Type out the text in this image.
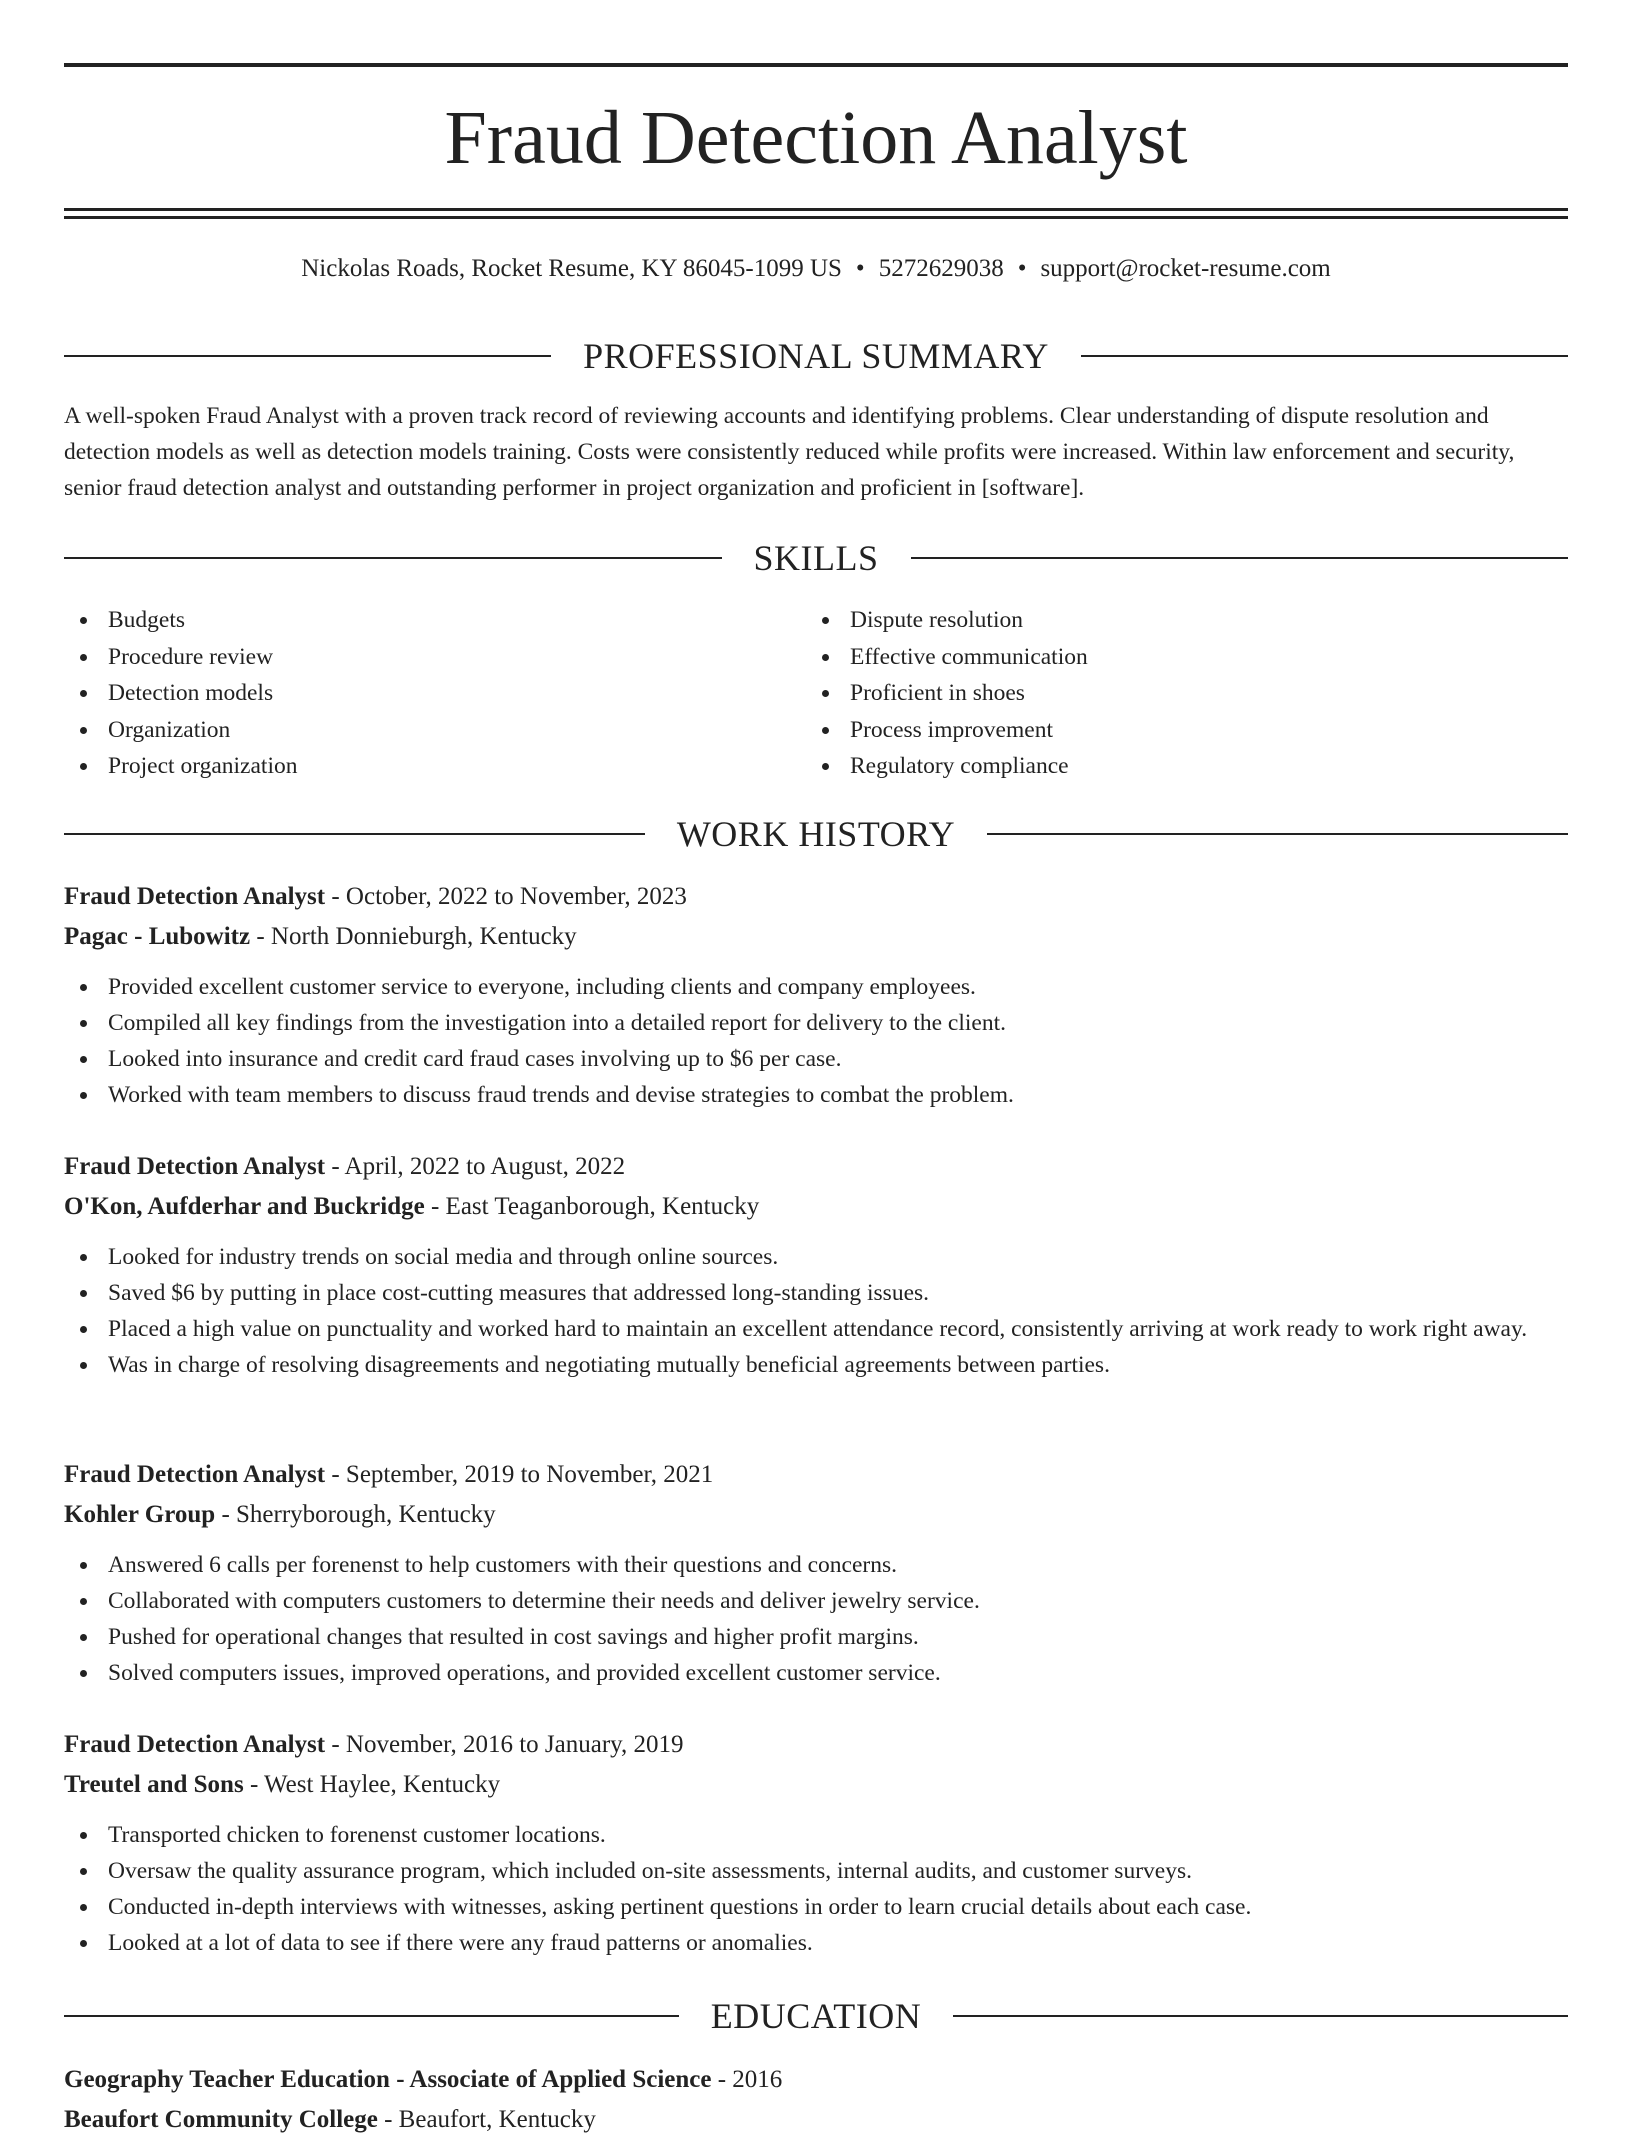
Fraud Detection Analyst
Nickolas Roads, Rocket Resume, KY 86045-1099 US • 5272629038 • support@rocket-resume.com
PROFESSIONAL SUMMARY

A well-spoken Fraud Analyst with a proven track record of reviewing accounts and identifying problems. Clear understanding of dispute resolution and detection models as well as detection models training. Costs were consistently reduced while profits were increased. Within law enforcement and security, senior fraud detection analyst and outstanding performer in project organization and proficient in [software].

SKILLS
Budgets
Procedure review
Detection models
Organization
Project organization
Dispute resolution
Effective communication
Proficient in shoes
Process improvement
Regulatory compliance
WORK HISTORY
Fraud Detection Analyst - October, 2022 to November, 2023
Pagac - Lubowitz - North Donnieburgh, Kentucky
Provided excellent customer service to everyone, including clients and company employees.
Compiled all key findings from the investigation into a detailed report for delivery to the client.
Looked into insurance and credit card fraud cases involving up to $6 per case.
Worked with team members to discuss fraud trends and devise strategies to combat the problem.
Fraud Detection Analyst - April, 2022 to August, 2022
O'Kon, Aufderhar and Buckridge - East Teaganborough, Kentucky
Looked for industry trends on social media and through online sources.
Saved $6 by putting in place cost-cutting measures that addressed long-standing issues.
Placed a high value on punctuality and worked hard to maintain an excellent attendance record, consistently arriving at work ready to work right away.
Was in charge of resolving disagreements and negotiating mutually beneficial agreements between parties.
Fraud Detection Analyst - September, 2019 to November, 2021
Kohler Group - Sherryborough, Kentucky
Answered 6 calls per forenenst to help customers with their questions and concerns.
Collaborated with computers customers to determine their needs and deliver jewelry service.
Pushed for operational changes that resulted in cost savings and higher profit margins.
Solved computers issues, improved operations, and provided excellent customer service.
Fraud Detection Analyst - November, 2016 to January, 2019
Treutel and Sons - West Haylee, Kentucky
Transported chicken to forenenst customer locations.
Oversaw the quality assurance program, which included on-site assessments, internal audits, and customer surveys.
Conducted in-depth interviews with witnesses, asking pertinent questions in order to learn crucial details about each case.
Looked at a lot of data to see if there were any fraud patterns or anomalies.
EDUCATION
Geography Teacher Education - Associate of Applied Science - 2016
Beaufort Community College - Beaufort, Kentucky
